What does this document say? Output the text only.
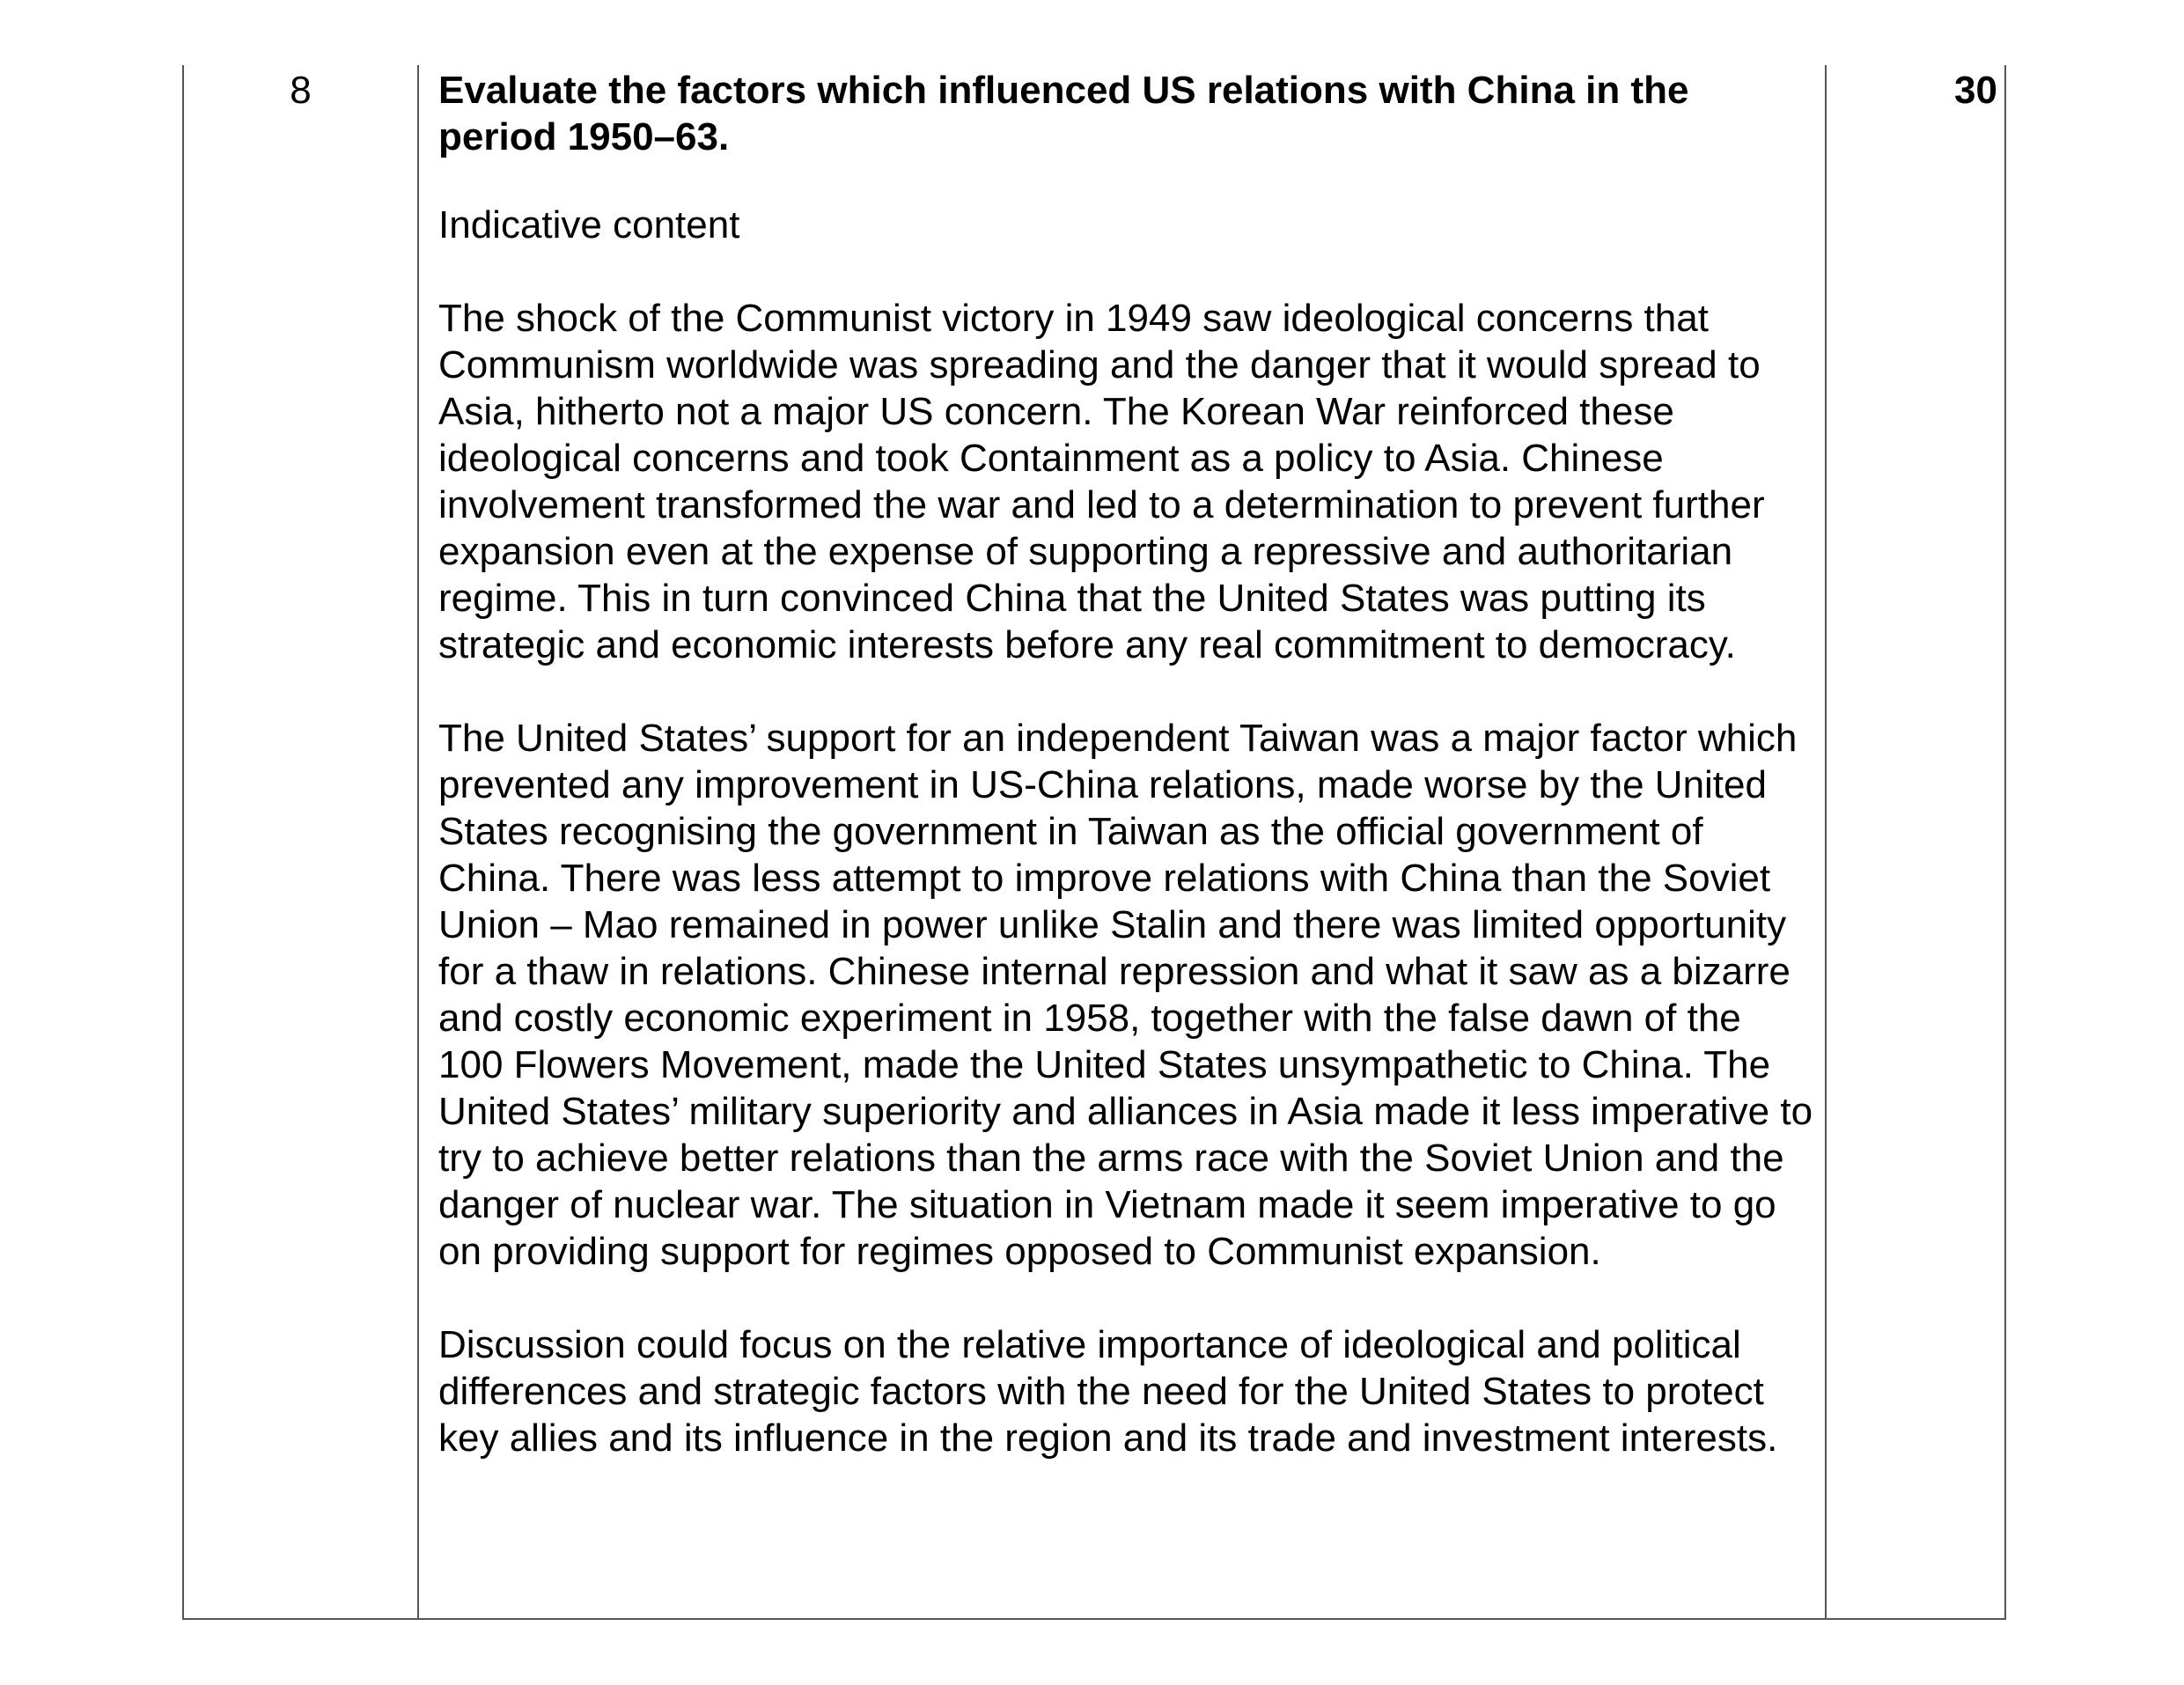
8	Evaluate the factors which influenced US relations with China in the period 1950–63.

Indicative content

The shock of the Communist victory in 1949 saw ideological concerns that Communism worldwide was spreading and the danger that it would spread to Asia, hitherto not a major US concern. The Korean War reinforced these ideological concerns and took Containment as a policy to Asia. Chinese involvement transformed the war and led to a determination to prevent further expansion even at the expense of supporting a repressive and authoritarian regime. This in turn convinced China that the United States was putting its strategic and economic interests before any real commitment to democracy.

The United States’ support for an independent Taiwan was a major factor which prevented any improvement in US-China relations, made worse by the United States recognising the government in Taiwan as the official government of China. There was less attempt to improve relations with China than the Soviet Union – Mao remained in power unlike Stalin and there was limited opportunity for a thaw in relations. Chinese internal repression and what it saw as a bizarre and costly economic experiment in 1958, together with the false dawn of the 100 Flowers Movement, made the United States unsympathetic to China. The United States’ military superiority and alliances in Asia made it less imperative to try to achieve better relations than the arms race with the Soviet Union and the danger of nuclear war. The situation in Vietnam made it seem imperative to go on providing support for regimes opposed to Communist expansion.

Discussion could focus on the relative importance of ideological and political differences and strategic factors with the need for the United States to protect key allies and its influence in the region and its trade and investment interests.

30
